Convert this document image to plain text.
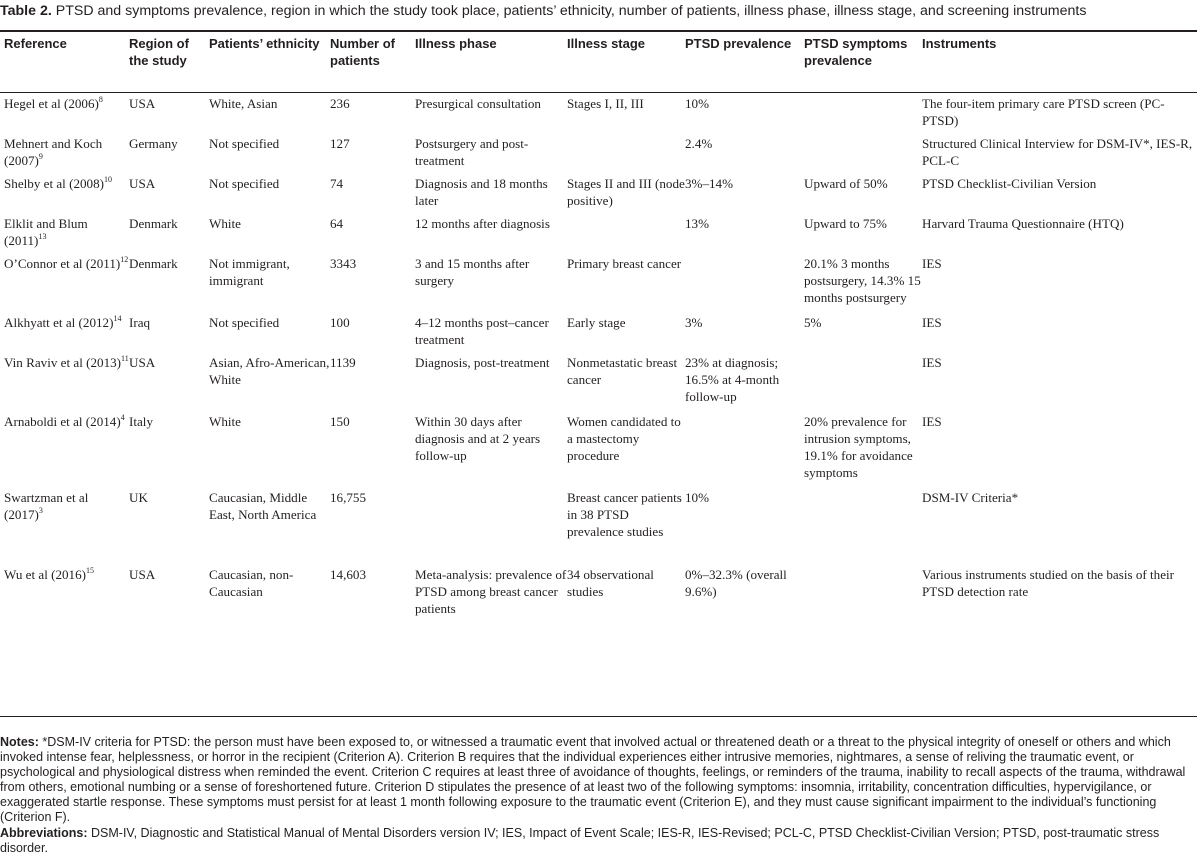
Table 2. PTSD and symptoms prevalence, region in which the study took place, patients’ ethnicity, number of patients, illness phase, illness stage, and screening instruments
Reference	Region of the study	Patients’ ethnicity	Number of patients	Illness phase	Illness stage	PTSD prevalence	PTSD symptoms prevalence	Instruments
Hegel et al $(2006)^8$	USA	White, Asian	236	Presurgical consultation	Stages I, II, III	10%		The four-item primary care PTSD screen (PC-PTSD)
Mehnert and Koch $(2007)^9$	Germany	Not specified	127	Postsurgery and post-treatment		2.4%		Structured Clinical Interview for DSM-IV*, IES-R, PCL-C
Shelby et al $(2008)^{10}$	USA	Not specified	74	Diagnosis and 18 months later	Stages II and III (node positive)	3%–14%	Upward of 50%	PTSD Checklist-Civilian Version
Elklit and Blum $(2011)^{13}$	Denmark	White	64	12 months after diagnosis		13%	Upward to 75%	Harvard Trauma Questionnaire (HTQ)
O’Connor et al $(2011)^{12}$	Denmark	Not immigrant, immigrant	3343	3 and 15 months after surgery	Primary breast cancer		20.1% 3 months postsurgery, 14.3% 15 months postsurgery	IES
Alkhyatt et al $(2012)^{14}$	Iraq	Not specified	100	4–12 months post–cancer treatment	Early stage	3%	5%	IES
Vin Raviv et al $(2013)^{11}$	USA	Asian, Afro-American, White	1139	Diagnosis, post-treatment	Nonmetastatic breast cancer	23% at diagnosis; 16.5% at 4-month follow-up		IES
Arnaboldi et al $(2014)^4$	Italy	White	150	Within 30 days after diagnosis and at 2 years follow-up	Women candidated to a mastectomy procedure		20% prevalence for intrusion symptoms, 19.1% for avoidance symptoms	IES
Swartzman et al $(2017)^3$	UK	Caucasian, Middle East, North America	16,755		Breast cancer patients in 38 PTSD prevalence studies	10%		DSM-IV Criteria*
Wu et al $(2016)^{15}$	USA	Caucasian, non-Caucasian	14,603	Meta-analysis: prevalence of PTSD among breast cancer patients	34 observational studies	0%–32.3% (overall 9.6%)		Various instruments studied on the basis of their PTSD detection rate

Notes: *DSM-IV criteria for PTSD: the person must have been exposed to, or witnessed a traumatic event that involved actual or threatened death or a threat to the physical integrity of oneself or others and which invoked intense fear, helplessness, or horror in the recipient (Criterion A). Criterion B requires that the individual experiences either intrusive memories, nightmares, a sense of reliving the traumatic event, or psychological and physiological distress when reminded the event. Criterion C requires at least three of avoidance of thoughts, feelings, or reminders of the trauma, inability to recall aspects of the trauma, withdrawal from others, emotional numbing or a sense of foreshortened future. Criterion D stipulates the presence of at least two of the following symptoms: insomnia, irritability, concentration difficulties, hypervigilance, or exaggerated startle response. These symptoms must persist for at least 1 month following exposure to the traumatic event (Criterion E), and they must cause significant impairment to the individual’s functioning (Criterion F).

Abbreviations: DSM-IV, Diagnostic and Statistical Manual of Mental Disorders version IV; IES, Impact of Event Scale; IES-R, IES-Revised; PCL-C, PTSD Checklist-Civilian Version; PTSD, post-traumatic stress disorder.
